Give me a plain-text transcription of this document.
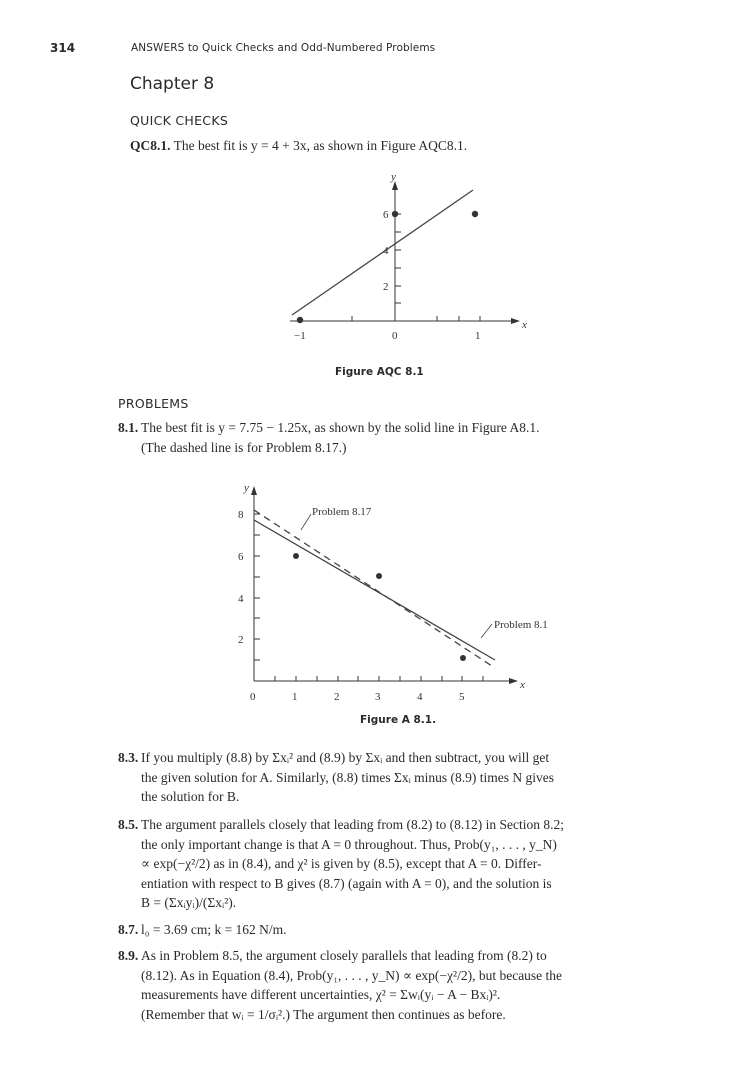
314	ANSWERS to Quick Checks and Odd-Numbered Problems
Chapter 8
QUICK CHECKS
QC8.1. The best fit is y = 4 + 3x, as shown in Figure AQC8.1.
y
x
6
4
2
−1	0	1
Figure AQC 8.1
PROBLEMS
8.1. The best fit is y = 7.75 − 1.25x, as shown by the solid line in Figure A8.1.
(The dashed line is for Problem 8.17.)
y
x
8
6
4
2
0	1	2	3	4	5
Problem 8.17
Problem 8.1
Figure A 8.1.
8.3. If you multiply (8.8) by Σxᵢ² and (8.9) by Σxᵢ and then subtract, you will get
the given solution for A. Similarly, (8.8) times Σxᵢ minus (8.9) times N gives
the solution for B.
8.5. The argument parallels closely that leading from (8.2) to (8.12) in Section 8.2;
the only important change is that A = 0 throughout. Thus, Prob(y₁, . . . , y_N)
∝ exp(−χ²/2) as in (8.4), and χ² is given by (8.5), except that A = 0. Differ-
entiation with respect to B gives (8.7) (again with A = 0), and the solution is
B = (Σxᵢyᵢ)/(Σxᵢ²).
8.7. l₀ = 3.69 cm; k = 162 N/m.
8.9. As in Problem 8.5, the argument closely parallels that leading from (8.2) to
(8.12). As in Equation (8.4), Prob(y₁, . . . , y_N) ∝ exp(−χ²/2), but because the
measurements have different uncertainties, χ² = Σwᵢ(yᵢ − A − Bxᵢ)².
(Remember that wᵢ = 1/σᵢ².) The argument then continues as before.
